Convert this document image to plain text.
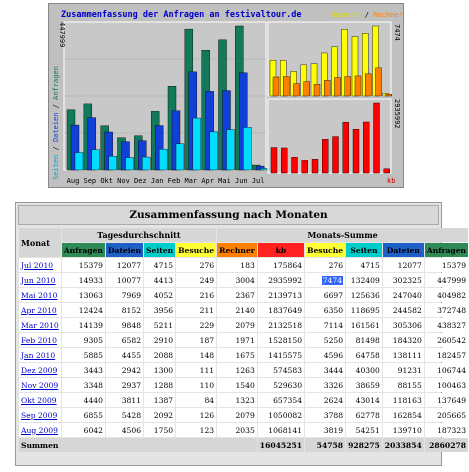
Aug Sep Okt Nov Dez Jan Feb Mar Apr Mai Jun Jul
Zusammenfassung der Anfragen an festivaltour.de
447999
Seiten / Dateien / Anfragen
Besuche / Rechner
7474
2935992
kb
Zusammenfassung nach Monaten
Monat	Tagesdurchschnitt				Monats-Summe					
	Anfragen	Dateien	Seiten	Besuche	Rechner	kb	Besuche	Seiten	Dateien	Anfragen
Jul 2010	15379	12077	4715	276	183	175864	276	4715	12077	15379
Jun 2010	14933	10077	4413	249	3004	2935992	7474	132409	302325	447999
Mai 2010	13063	7969	4052	216	2367	2139713	6697	125636	247040	404982
Apr 2010	12424	8152	3956	211	2140	1837649	6350	118695	244582	372748
Mar 2010	14139	9848	5211	229	2079	2132518	7114	161561	305306	438327
Feb 2010	9305	6582	2910	187	1971	1528150	5250	81498	184320	260542
Jan 2010	5885	4455	2088	148	1675	1415575	4596	64758	138111	182457
Dez 2009	3443	2942	1300	111	1263	574583	3444	40300	91231	106744
Nov 2009	3348	2937	1288	110	1540	529630	3326	38659	88155	100463
Okt 2009	4440	3811	1387	84	1323	657354	2624	43014	118163	137649
Sep 2009	6855	5428	2092	126	2079	1050082	3788	62778	162854	205665
Aug 2009	6042	4506	1750	123	2035	1068141	3819	54251	139710	187323
Summen						16045251	54758	928275	2033854	2860278
